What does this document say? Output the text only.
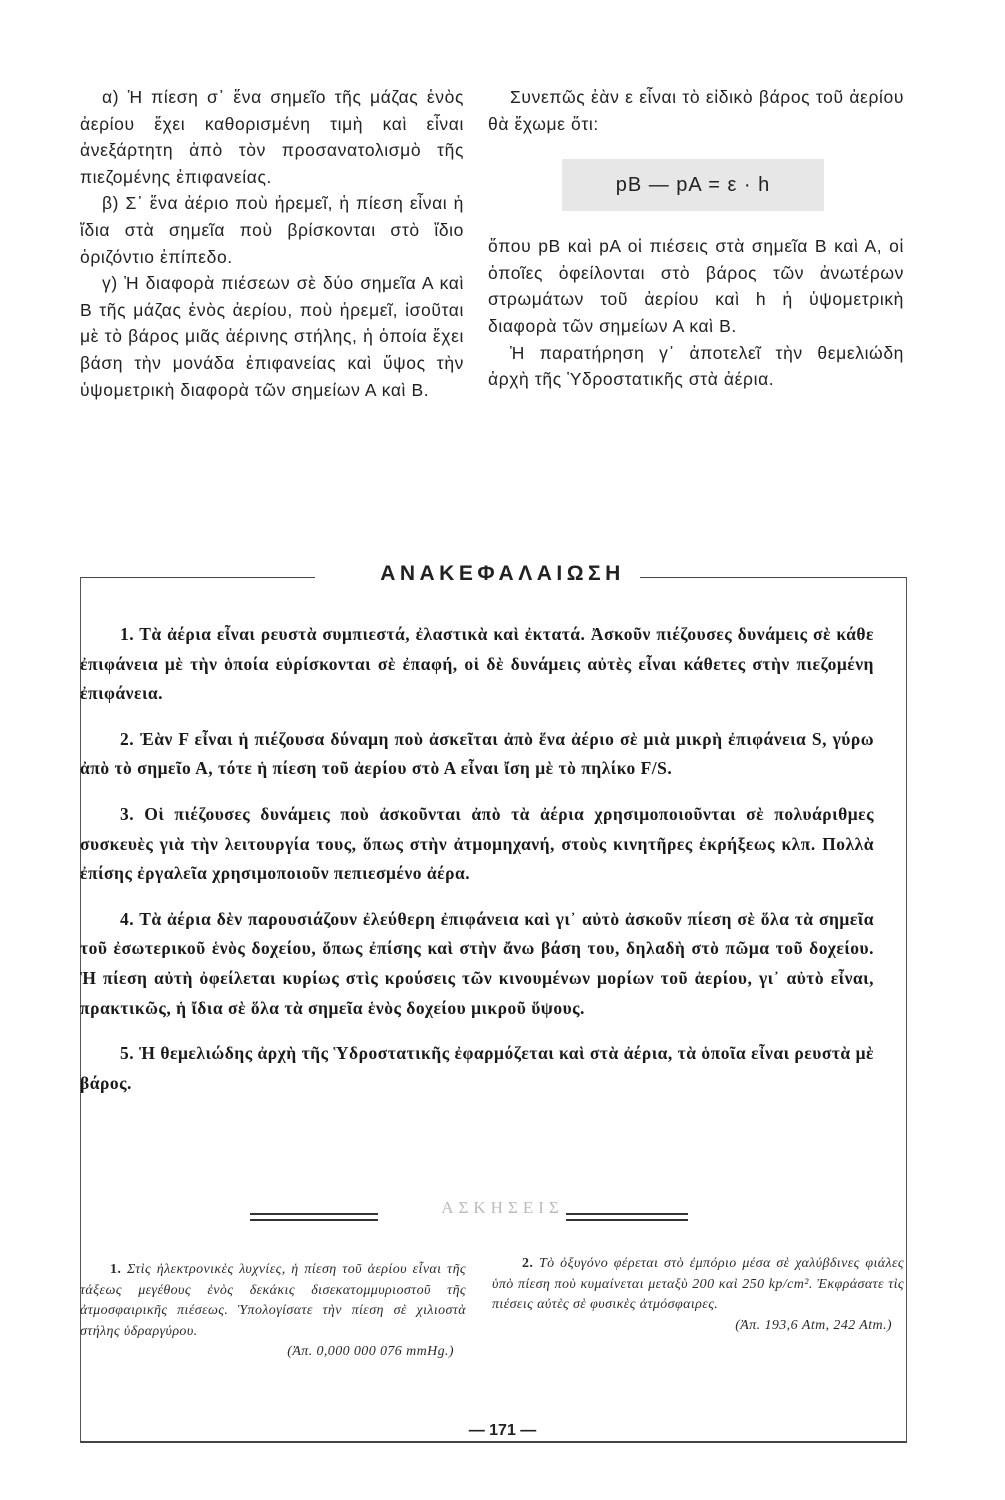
α) Ἡ πίεση σ᾿ ἕνα σημεῖο τῆς μάζας ἑνὸς ἀερίου ἔχει καθορισμένη τιμὴ καὶ εἶναι ἀνεξάρτητη ἀπὸ τὸν προσανατολισμὸ τῆς πιεζομένης ἐπιφανείας.

β) Σ᾿ ἕνα ἀέριο ποὺ ἠρεμεῖ, ἡ πίεση εἶναι ἡ ἴδια στὰ σημεῖα ποὺ βρίσκονται στὸ ἴδιο ὁριζόντιο ἐπίπεδο.

γ) Ἡ διαφορὰ πιέσεων σὲ δύο σημεῖα Α καὶ Β τῆς μάζας ἑνὸς ἀερίου, ποὺ ἠρεμεῖ, ἰσοῦται μὲ τὸ βάρος μιᾶς ἀέρινης στήλης, ἡ ὁποία ἔχει βάση τὴν μονάδα ἐπιφανείας καὶ ὕψος τὴν ὑψομετρικὴ διαφορὰ τῶν σημείων Α καὶ Β.

Συνεπῶς ἐὰν ε εἶναι τὸ εἰδικὸ βάρος τοῦ ἀερίου θὰ ἔχωμε ὅτι:

pB — pA = ε · h

ὅπου pB καὶ pA οἱ πιέσεις στὰ σημεῖα Β καὶ Α, οἱ ὁποῖες ὀφείλονται στὸ βάρος τῶν ἀνωτέρων στρωμάτων τοῦ ἀερίου καὶ h ἡ ὑψομετρικὴ διαφορὰ τῶν σημείων Α καὶ Β.

Ἡ παρατήρηση γ᾿ ἀποτελεῖ τὴν θεμελιώδη ἀρχὴ τῆς Ὑδροστατικῆς στὰ ἀέρια.

ΑΝΑΚΕΦΑΛΑΙΩΣΗ

1. Τὰ ἀέρια εἶναι ρευστὰ συμπιεστά, ἐλαστικὰ καὶ ἐκτατά. Ἀσκοῦν πιέζουσες δυνάμεις σὲ κάθε ἐπιφάνεια μὲ τὴν ὁποία εὑρίσκονται σὲ ἐπαφή, οἱ δὲ δυνάμεις αὐτὲς εἶναι κάθετες στὴν πιεζομένη ἐπιφάνεια.

2. Ἐὰν F εἶναι ἡ πιέζουσα δύναμη ποὺ ἀσκεῖται ἀπὸ ἕνα ἀέριο σὲ μιὰ μικρὴ ἐπιφάνεια S, γύρω ἀπὸ τὸ σημεῖο Α, τότε ἡ πίεση τοῦ ἀερίου στὸ Α εἶναι ἴση μὲ τὸ πηλίκο F/S.

3. Οἱ πιέζουσες δυνάμεις ποὺ ἀσκοῦνται ἀπὸ τὰ ἀέρια χρησιμοποιοῦνται σὲ πολυάριθμες συσκευὲς γιὰ τὴν λειτουργία τους, ὅπως στὴν ἀτμομηχανή, στοὺς κινητῆρες ἐκρήξεως κλπ. Πολλὰ ἐπίσης ἐργαλεῖα χρησιμοποιοῦν πεπιεσμένο ἀέρα.

4. Τὰ ἀέρια δὲν παρουσιάζουν ἐλεύθερη ἐπιφάνεια καὶ γι᾿ αὐτὸ ἀσκοῦν πίεση σὲ ὅλα τὰ σημεῖα τοῦ ἐσωτερικοῦ ἑνὸς δοχείου, ὅπως ἐπίσης καὶ στὴν ἄνω βάση του, δηλαδὴ στὸ πῶμα τοῦ δοχείου. Ἡ πίεση αὐτὴ ὀφείλεται κυρίως στὶς κρούσεις τῶν κινουμένων μορίων τοῦ ἀερίου, γι᾿ αὐτὸ εἶναι, πρακτικῶς, ἡ ἴδια σὲ ὅλα τὰ σημεῖα ἑνὸς δοχείου μικροῦ ὕψους.

5. Ἡ θεμελιώδης ἀρχὴ τῆς Ὑδροστατικῆς ἐφαρμόζεται καὶ στὰ ἀέρια, τὰ ὁποῖα εἶναι ρευστὰ μὲ βάρος.

ΑΣΚΗΣΕΙΣ

1. Στὶς ἠλεκτρονικὲς λυχνίες, ἡ πίεση τοῦ ἀερίου εἶναι τῆς τάξεως μεγέθους ἑνὸς δεκάκις δισεκατομμυριοστοῦ τῆς ἀτμοσφαιρικῆς πιέσεως. Ὑπολογίσατε τὴν πίεση σὲ χιλιοστὰ στήλης ὑδραργύρου.

(Ἀπ. 0,000 000 076 mmHg.)

2. Τὸ ὀξυγόνο φέρεται στὸ ἐμπόριο μέσα σὲ χαλύβδινες φιάλες ὑπὸ πίεση ποὺ κυμαίνεται μεταξὺ 200 καὶ 250 kp/cm². Ἐκφράσατε τὶς πιέσεις αὐτὲς σὲ φυσικὲς ἀτμόσφαιρες.

(Ἀπ. 193,6 Atm, 242 Atm.)
— 171 —
